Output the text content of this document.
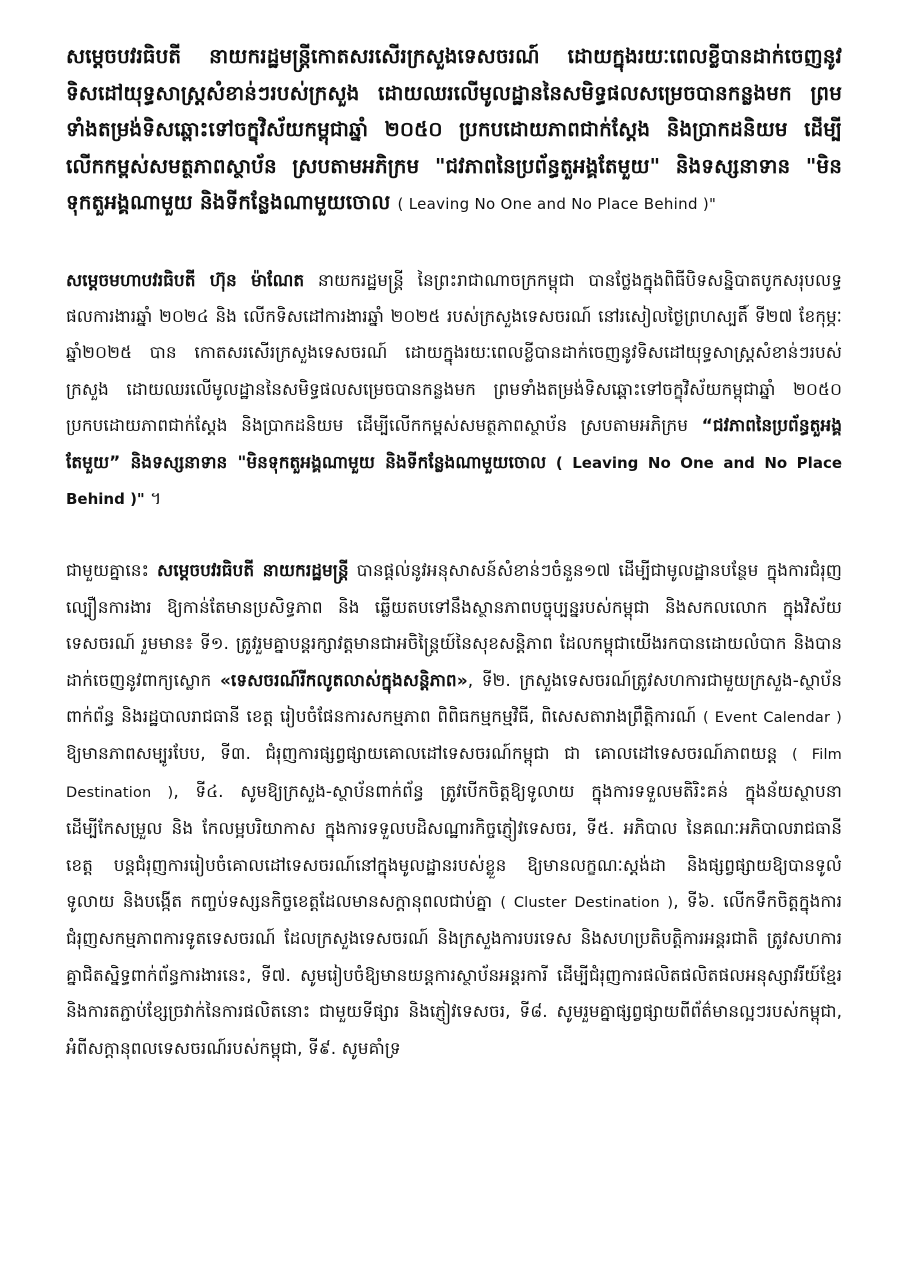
សម្តេចបវរធិបតី នាយករដ្ឋមន្ត្រីកោតសរសើរក្រសួងទេសចរណ៍ ដោយក្នុងរយៈពេលខ្លីបានដាក់ចេញនូវទិសដៅយុទ្ធសាស្ត្រសំខាន់ៗរបស់ក្រសួង ដោយឈរលើមូលដ្ឋាននៃសមិទ្ធផលសម្រេចបានកន្លងមក ព្រមទាំងតម្រង់ទិសឆ្ពោះទៅចក្ខុវិស័យកម្ពុជាឆ្នាំ ២០៥០ ប្រកបដោយភាពជាក់ស្តែង និងប្រាកដនិយម ដើម្បីលើកកម្ពស់សមត្ថភាពស្ថាប័ន ស្របតាមអភិក្រម "ជវភាពនៃប្រព័ន្ធតួអង្គតែមួយ" និងទស្សនាទាន "មិនទុកតួអង្គណាមួយ និងទីកន្លែងណាមួយចោល ( Leaving No One and No Place Behind )"

សម្តេចមហាបវរធិបតី ហ៊ុន ម៉ាណែត នាយករដ្ឋមន្ត្រី នៃព្រះរាជាណាចក្រកម្ពុជា បានថ្លែងក្នុងពិធីបិទសន្និបាតបូកសរុបលទ្ធផលការងារឆ្នាំ ២០២៤ និង លើកទិសដៅការងារឆ្នាំ ២០២៥ របស់ក្រសួងទេសចរណ៍ នៅរសៀលថ្ងៃព្រហស្បតិ៍ ទី២៧ ខែកុម្ភៈ ឆ្នាំ២០២៥ បាន កោតសរសើរក្រសួងទេសចរណ៍ ដោយក្នុងរយៈពេលខ្លីបានដាក់ចេញនូវទិសដៅយុទ្ធសាស្ត្រសំខាន់ៗរបស់ក្រសួង ដោយឈរលើមូលដ្ឋាននៃសមិទ្ធផលសម្រេចបានកន្លងមក ព្រមទាំងតម្រង់ទិសឆ្ពោះទៅចក្ខុវិស័យកម្ពុជាឆ្នាំ ២០៥០ ប្រកបដោយភាពជាក់ស្តែង និងប្រាកដនិយម ដើម្បីលើកកម្ពស់សមត្ថភាពស្ថាប័ន ស្របតាមអភិក្រម “ជវភាពនៃប្រព័ន្ធតួអង្គតែមួយ” និងទស្សនាទាន "មិនទុកតួអង្គណាមួយ និងទីកន្លែងណាមួយចោល ( Leaving No One and No Place Behind )" ។

ជាមួយគ្នានេះ សម្តេចបវរធិបតី នាយករដ្ឋមន្ត្រី បានផ្តល់នូវអនុសាសន៍សំខាន់ៗចំនួន១៧ ដើម្បីជាមូលដ្ឋានបន្ថែម ក្នុងការជំរុញល្បឿនការងារ ឱ្យកាន់តែមានប្រសិទ្ធភាព និង ឆ្លើយតបទៅនឹងស្ថានភាពបច្ចុប្បន្នរបស់កម្ពុជា និងសកលលោក ក្នុងវិស័យទេសចរណ៍ រួមមាន៖ ទី១. ត្រូវរួមគ្នាបន្តរក្សាវត្តមានជាអចិន្ត្រៃយ៍នៃសុខសន្តិភាព ដែលកម្ពុជាយើងរកបានដោយលំបាក និងបានដាក់ចេញនូវពាក្យស្លោក «ទេសចរណ៍រីកលូតលាស់ក្នុងសន្តិភាព», ទី២. ក្រសួងទេសចរណ៍ត្រូវសហការជាមួយក្រសួង-ស្ថាប័នពាក់ព័ន្ធ និងរដ្ឋបាលរាជធានី ខេត្ត រៀបចំផែនការសកម្មភាព ពិពិធកម្មកម្មវិធី, ពិសេសតារាងព្រឹត្តិការណ៍ ( Event Calendar ) ឱ្យមានភាពសម្បូរបែប, ទី៣. ជំរុញការផ្សព្វផ្សាយគោលដៅទេសចរណ៍កម្ពុជា ជា គោលដៅទេសចរណ៍ភាពយន្ត ( Film Destination ), ទី៤. សូមឱ្យក្រសួង-ស្ថាប័នពាក់ព័ន្ធ ត្រូវបើកចិត្តឱ្យទូលាយ ក្នុងការទទួលមតិរិះគន់ ក្នុងន័យស្ថាបនា ដើម្បីកែសម្រួល និង កែលម្អបរិយាកាស ក្នុងការទទួលបដិសណ្ឋារកិច្ចភ្ញៀវទេសចរ, ទី៥. អភិបាល នៃគណៈអភិបាលរាជធានីខេត្ត បន្តជំរុញការរៀបចំគោលដៅទេសចរណ៍នៅក្នុងមូលដ្ឋានរបស់ខ្លួន ឱ្យមានលក្ខណៈស្តង់ដា និងផ្សព្វផ្សាយឱ្យបានទូលំទូលាយ និងបង្កើត កញ្ចប់ទស្សនកិច្ចខេត្តដែលមានសក្តានុពលជាប់គ្នា ( Cluster Destination ), ទី៦. លើកទឹកចិត្តក្នុងការជំរុញសកម្មភាពការទូតទេសចរណ៍ ដែលក្រសួងទេសចរណ៍ និងក្រសួងការបរទេស និងសហប្រតិបត្តិការអន្តរជាតិ ត្រូវសហការគ្នាជិតស្និទ្ធពាក់ព័ន្ធការងារនេះ, ទី៧. សូមរៀបចំឱ្យមានយន្តការស្ថាប័នអន្តរការី ដើម្បីជំរុញការផលិតផលិតផលអនុស្សាវរីយ៍ខ្មែរ និងការតភ្ជាប់ខ្សែច្រវាក់នៃការផលិតនោះ ជាមួយទីផ្សារ និងភ្ញៀវទេសចរ, ទី៨. សូមរួមគ្នាផ្សព្វផ្សាយពីព័ត៌មានល្អៗរបស់កម្ពុជា, អំពីសក្តានុពលទេសចរណ៍របស់កម្ពុជា, ទី៩. សូមគាំទ្រ
